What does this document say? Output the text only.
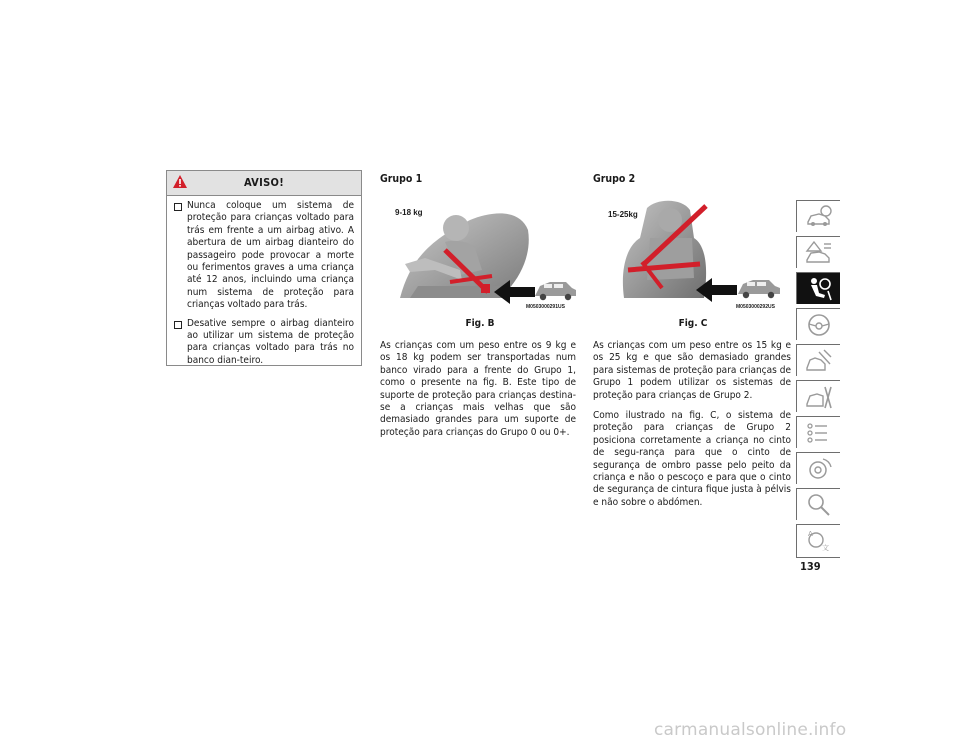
AVISO!
Nunca coloque um sistema de proteção para crianças voltado para trás em frente a um airbag ativo. A abertura de um airbag dianteiro do passageiro pode provocar a morte ou ferimentos graves a uma criança até 12 anos, incluindo uma criança num sistema de proteção para crianças voltado para trás.
Desative sempre o airbag dianteiro ao utilizar um sistema de proteção para crianças voltado para trás no banco dian-teiro.
Grupo 1
9-18 kg
M0503000291US
Fig. B

As crianças com um peso entre os 9 kg e os 18 kg podem ser transportadas num banco virado para a frente do Grupo 1, como o presente na fig. B. Este tipo de suporte de proteção para crianças destina-se a crianças mais velhas que são demasiado grandes para um suporte de proteção para crianças do Grupo 0 ou 0+.

Grupo 2
15-25kg
M0503000292US
Fig. C

As crianças com um peso entre os 15 kg e os 25 kg e que são demasiado grandes para sistemas de proteção para crianças de Grupo 1 podem utilizar os sistemas de proteção para crianças de Grupo 2.

Como ilustrado na fig. C, o sistema de proteção para crianças de Grupo 2 posiciona corretamente a criança no cinto de segu-rança para que o cinto de segurança de ombro passe pelo peito da criança e não o pescoço e para que o cinto de segurança de cintura fique justa à pélvis e não sobre o abdómen.

A
文
139
carmanualsonline.info
